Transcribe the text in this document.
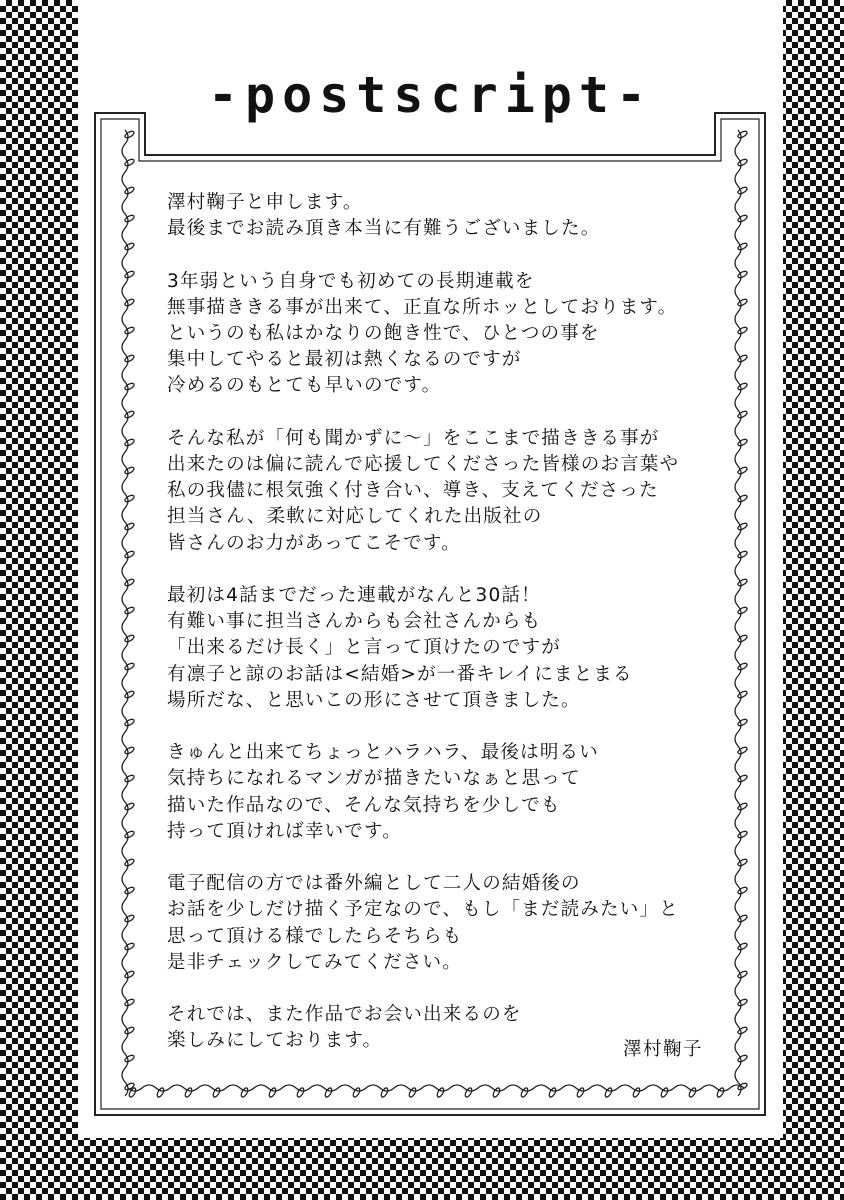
-postscript-
澤村鞠子と申します。
最後までお読み頂き本当に有難うございました。
3年弱という自身でも初めての長期連載を
無事描ききる事が出来て、正直な所ホッとしております。
というのも私はかなりの飽き性で、ひとつの事を
集中してやると最初は熱くなるのですが
冷めるのもとても早いのです。
そんな私が「何も聞かずに～」をここまで描ききる事が
出来たのは偏に読んで応援してくださった皆様のお言葉や
私の我儘に根気強く付き合い、導き、支えてくださった
担当さん、柔軟に対応してくれた出版社の
皆さんのお力があってこそです。
最初は4話までだった連載がなんと30話！
有難い事に担当さんからも会社さんからも
「出来るだけ長く」と言って頂けたのですが
有凛子と諒のお話は<結婚>が一番キレイにまとまる
場所だな、と思いこの形にさせて頂きました。
きゅんと出来てちょっとハラハラ、最後は明るい
気持ちになれるマンガが描きたいなぁと思って
描いた作品なので、そんな気持ちを少しでも
持って頂ければ幸いです。
電子配信の方では番外編として二人の結婚後の
お話を少しだけ描く予定なので、もし「まだ読みたい」と
思って頂ける様でしたらそちらも
是非チェックしてみてください。
それでは、また作品でお会い出来るのを
楽しみにしております。	澤村鞠子
